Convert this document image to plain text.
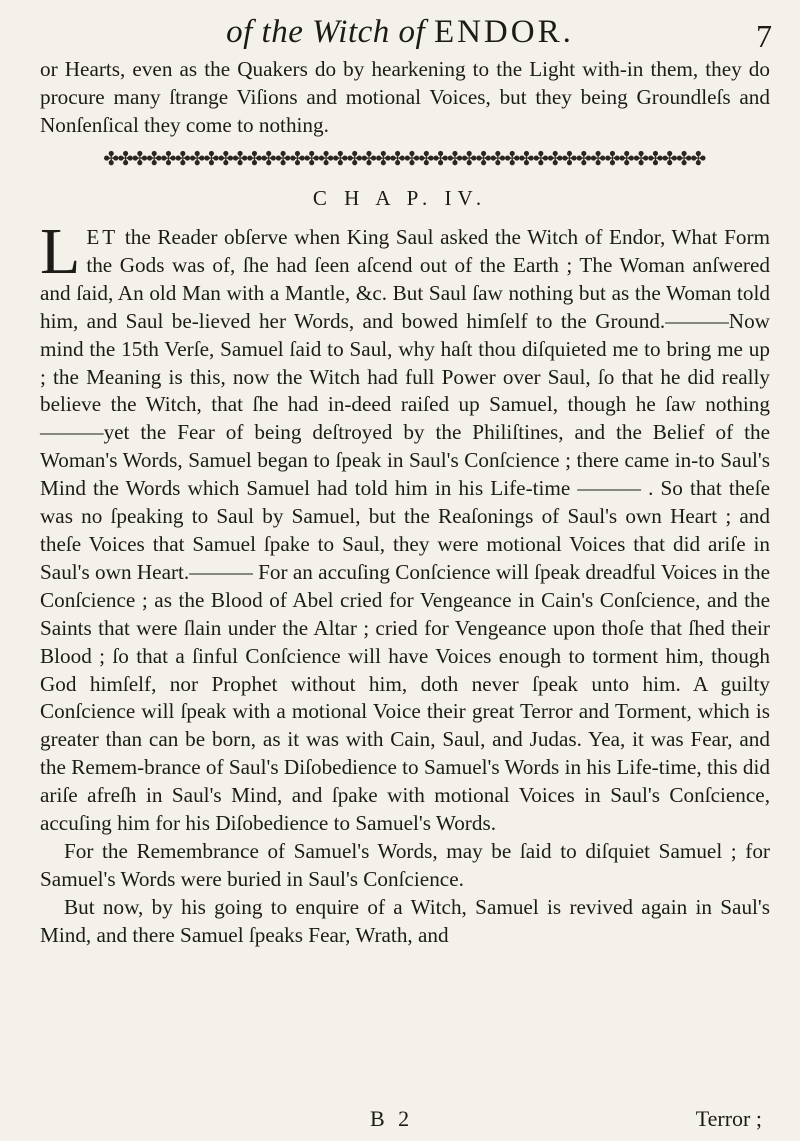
of the Witch of ENDOR.	7

or Hearts, even as the Quakers do by hearkening to the Light with-in them, they do procure many ſtrange Viſions and motional Voices, but they being Groundleſs and Nonſenſical they come to nothing.

✤✤✤✤✤✤✤✤✤✤✤✤✤✤✤✤✤✤✤✤✤✤✤✤✤✤✤✤✤✤✤✤✤✤✤✤✤✤✤✤✤✤
C H A P. IV.

L ET the Reader obſerve when King Saul asked the Witch of Endor, What Form the Gods was of, ſhe had ſeen aſcend out of the Earth ; The Woman anſwered and ſaid, An old Man with a Mantle, &c. But Saul ſaw nothing but as the Woman told him, and Saul be-lieved her Words, and bowed himſelf to the Ground.———Now mind the 15th Verſe, Samuel ſaid to Saul, why haſt thou diſquieted me to bring me up ; the Meaning is this, now the Witch had full Power over Saul, ſo that he did really believe the Witch, that ſhe had in-deed raiſed up Samuel, though he ſaw nothing ———yet the Fear of being deſtroyed by the Philiſtines, and the Belief of the Woman's Words, Samuel began to ſpeak in Saul's Conſcience ; there came in-to Saul's Mind the Words which Samuel had told him in his Life-time ——— . So that theſe was no ſpeaking to Saul by Samuel, but the Reaſonings of Saul's own Heart ; and theſe Voices that Samuel ſpake to Saul, they were motional Voices that did ariſe in Saul's own Heart.——— For an accuſing Conſcience will ſpeak dreadful Voices in the Conſcience ; as the Blood of Abel cried for Vengeance in Cain's Conſcience, and the Saints that were ſlain under the Altar ; cried for Vengeance upon thoſe that ſhed their Blood ; ſo that a ſinful Conſcience will have Voices enough to torment him, though God himſelf, nor Prophet without him, doth never ſpeak unto him. A guilty Conſcience will ſpeak with a motional Voice their great Terror and Torment, which is greater than can be born, as it was with Cain, Saul, and Judas. Yea, it was Fear, and the Remem-brance of Saul's Diſobedience to Samuel's Words in his Life-time, this did ariſe afreſh in Saul's Mind, and ſpake with motional Voices in Saul's Conſcience, accuſing him for his Diſobedience to Samuel's Words.

For the Remembrance of Samuel's Words, may be ſaid to diſquiet Samuel ; for Samuel's Words were buried in Saul's Conſcience.

But now, by his going to enquire of a Witch, Samuel is revived again in Saul's Mind, and there Samuel ſpeaks Fear, Wrath, and

B 2	Terror ;
